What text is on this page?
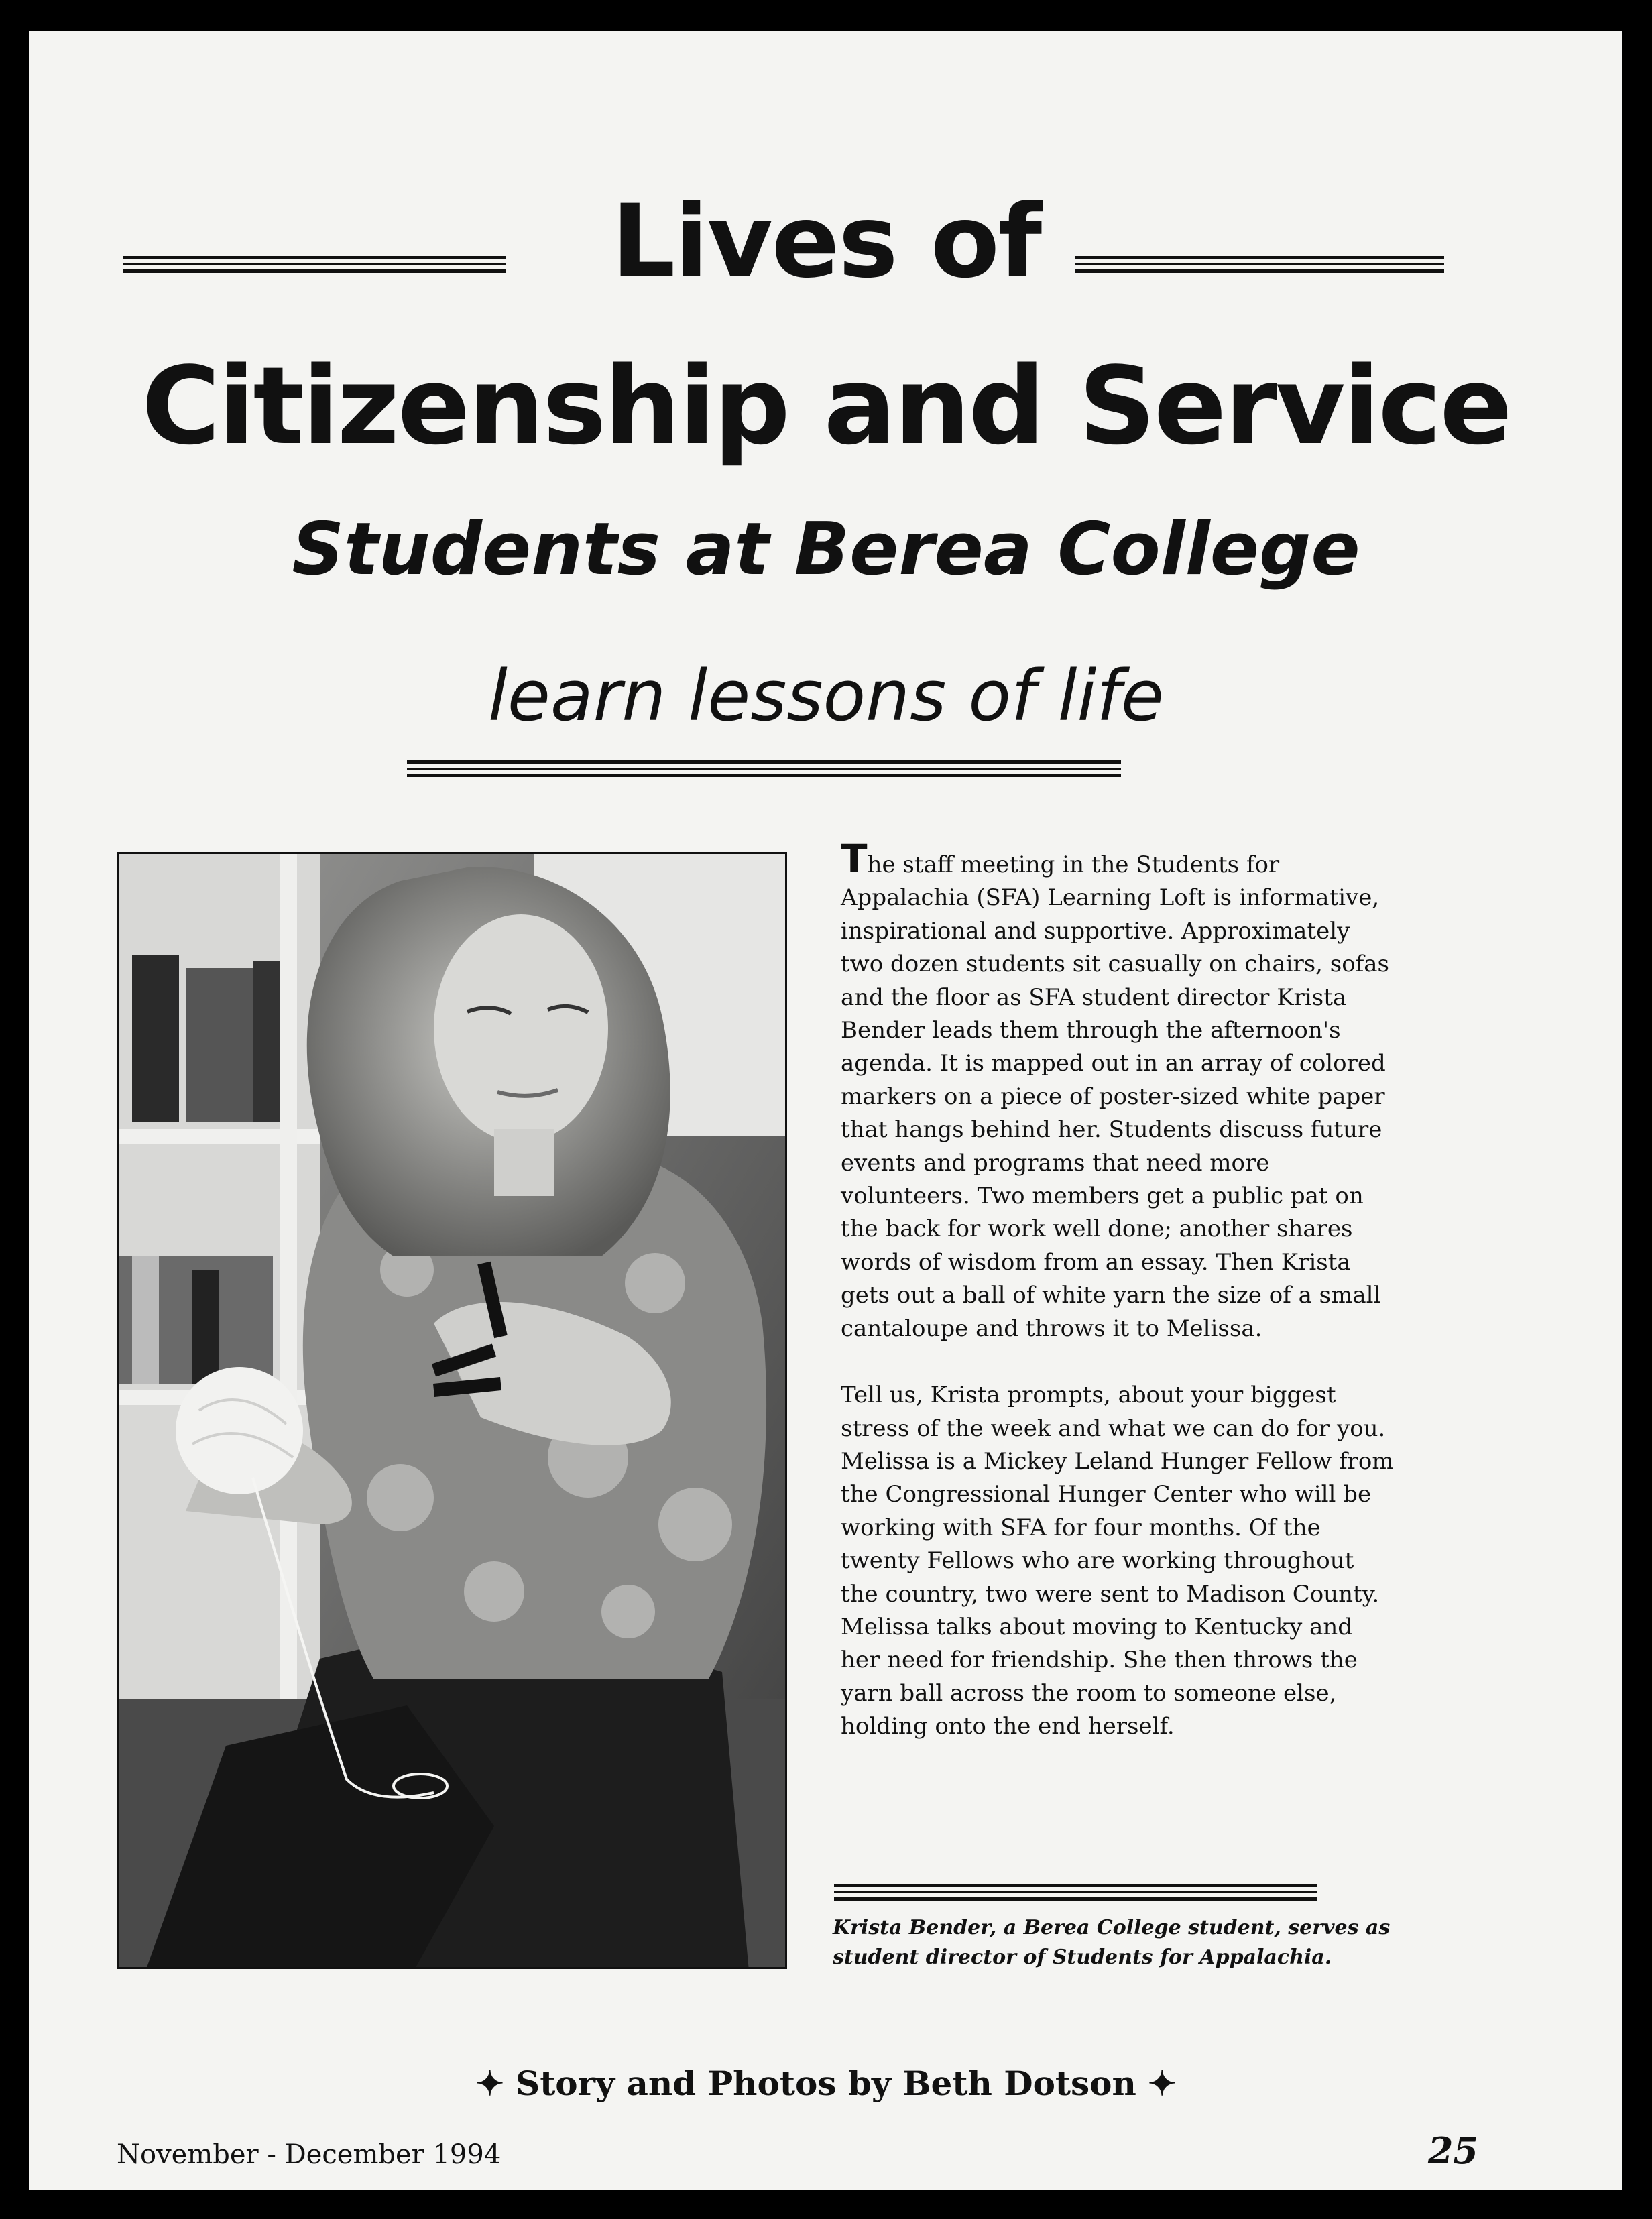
Lives of
Citizenship and Service
Students at Berea College
learn lessons of life

The staff meeting in the Students for Appalachia (SFA) Learning Loft is informative, inspirational and supportive. Approximately two dozen students sit casually on chairs, sofas and the floor as SFA student director Krista Bender leads them through the afternoon's agenda. It is mapped out in an array of colored markers on a piece of poster-sized white paper that hangs behind her. Students discuss future events and programs that need more volunteers. Two members get a public pat on the back for work well done; another shares words of wisdom from an essay. Then Krista gets out a ball of white yarn the size of a small cantaloupe and throws it to Melissa.

Tell us, Krista prompts, about your biggest stress of the week and what we can do for you. Melissa is a Mickey Leland Hunger Fellow from the Congressional Hunger Center who will be working with SFA for four months. Of the twenty Fellows who are working throughout the country, two were sent to Madison County. Melissa talks about moving to Kentucky and her need for friendship. She then throws the yarn ball across the room to someone else, holding onto the end herself.

Krista Bender, a Berea College student, serves as student director of Students for Appalachia.
✦ Story and Photos by Beth Dotson ✦
November - December 1994	25
